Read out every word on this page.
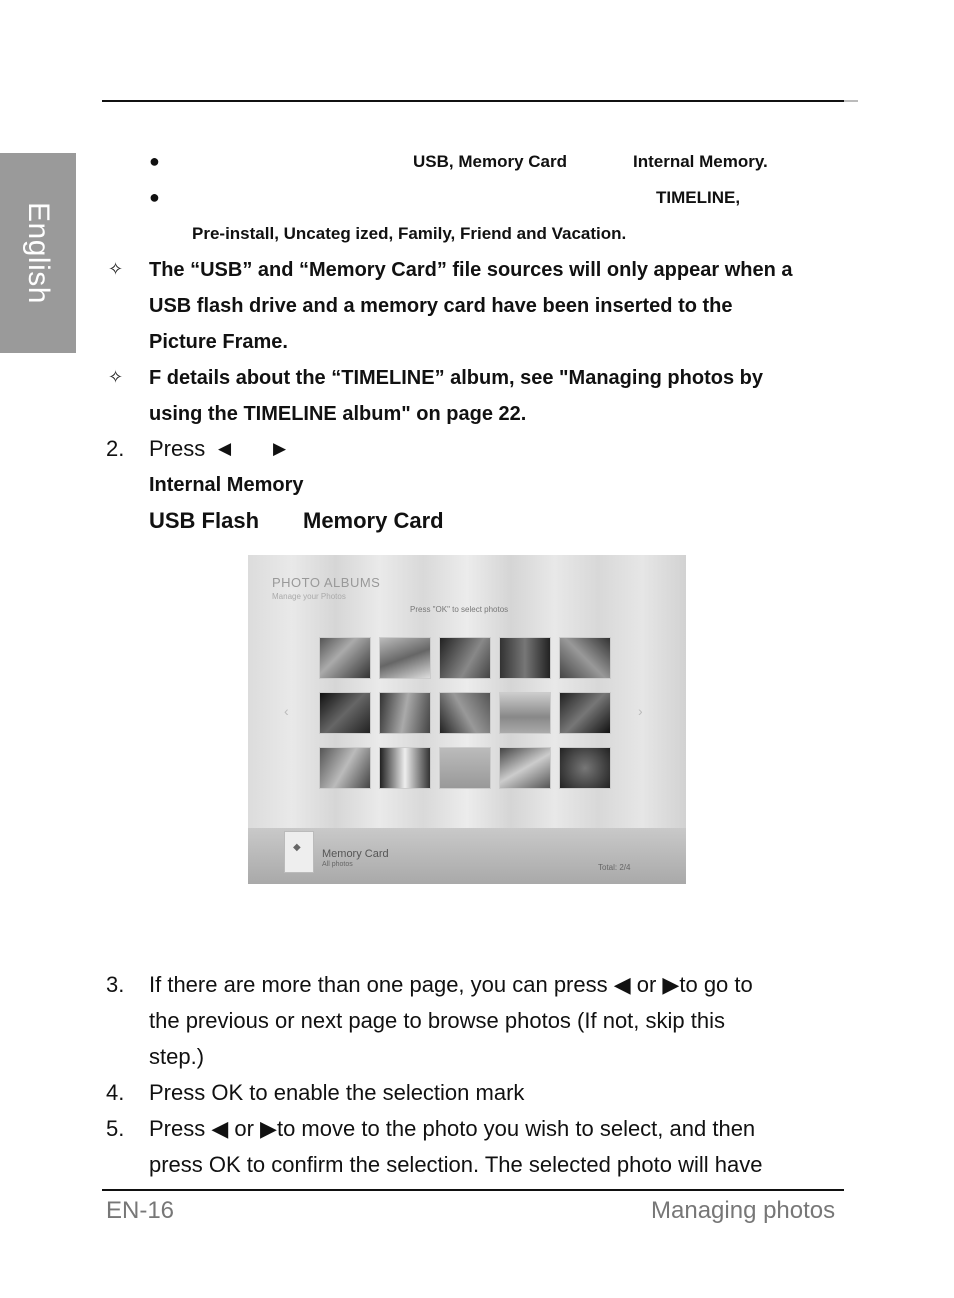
English
●	USB, Memory Card	Internal Memory.
●	TIMELINE,
Pre-install, Uncateg ized, Family, Friend and Vacation.
✧ The “USB” and “Memory Card” file sources will only appear when a
USB flash drive and a memory card have been inserted to the
Picture Frame.
✧ F details about the “TIMELINE” album, see "Managing photos by
using the TIMELINE album" on page 22.
2. Press ◀ ▶
Internal Memory
USB Flash Memory Card
PHOTO ALBUMS
Manage your Photos
Press "OK" to select photos
‹	›
◆
Memory Card
All photos	Total: 2/4
3. If there are more than one page, you can press ◀ or ▶to go to
the previous or next page to browse photos (If not, skip this
step.)
4. Press OK to enable the selection mark
5. Press ◀ or ▶to move to the photo you wish to select, and then
press OK to confirm the selection. The selected photo will have
EN-16	Managing photos
